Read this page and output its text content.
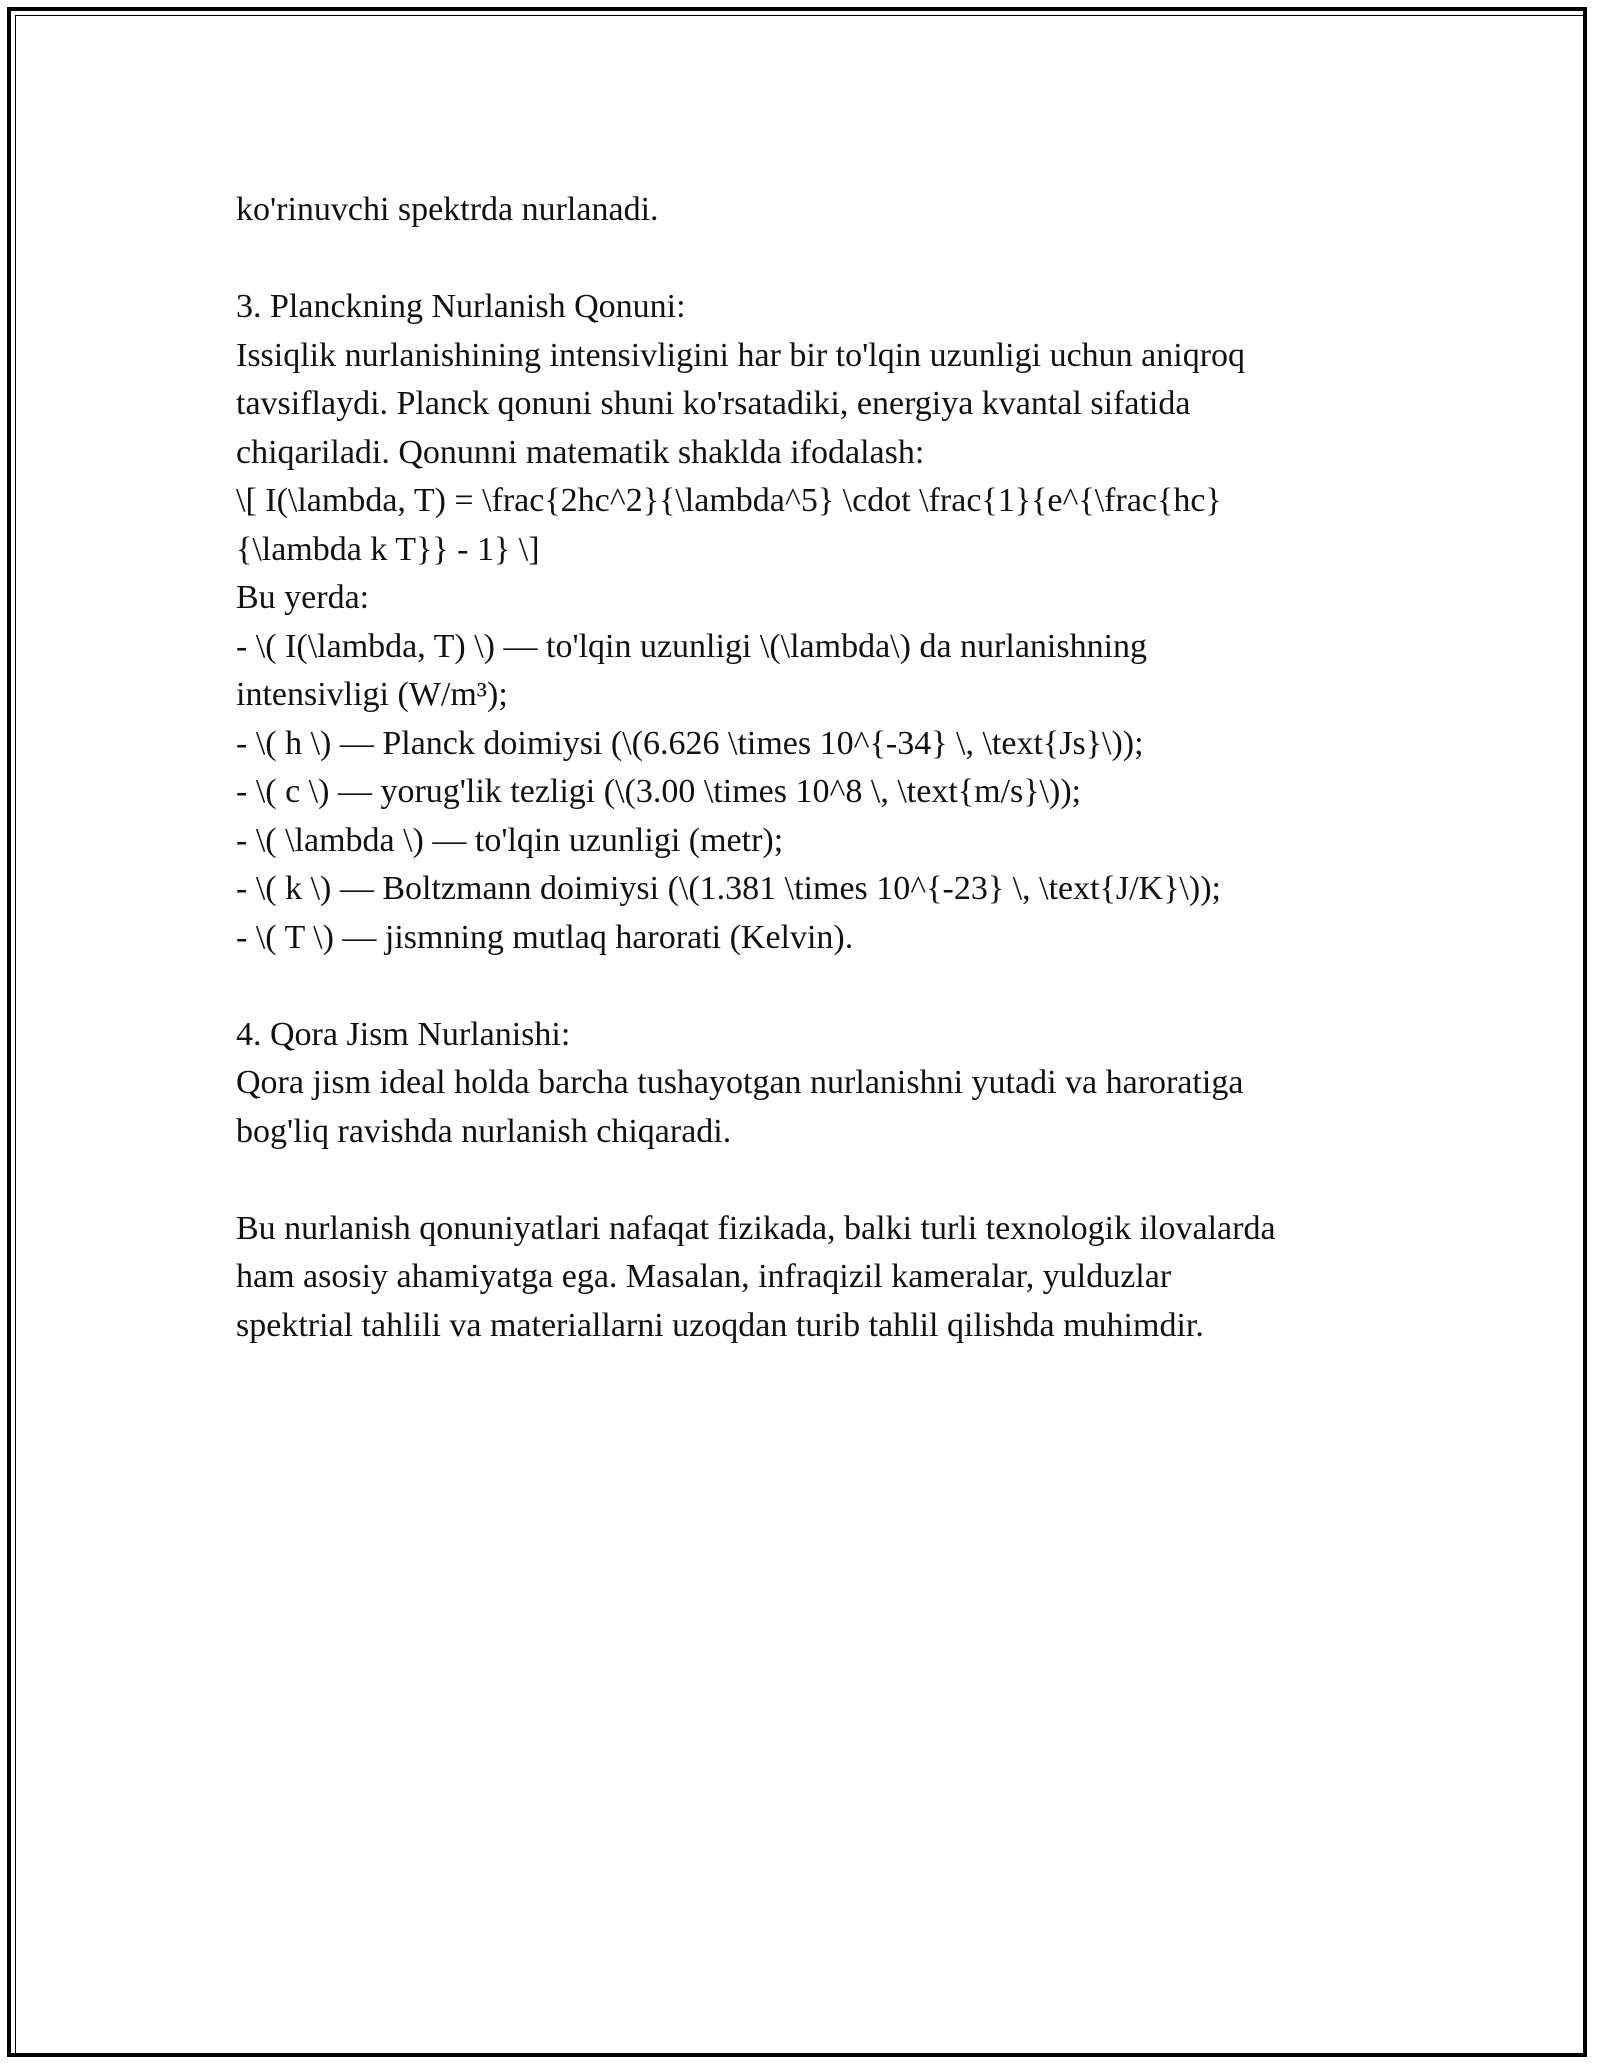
ko'rinuvchi spektrda nurlanadi.
3. Planckning Nurlanish Qonuni:
Issiqlik nurlanishining intensivligini har bir to'lqin uzunligi uchun aniqroq
tavsiflaydi. Planck qonuni shuni ko'rsatadiki, energiya kvantal sifatida
chiqariladi. Qonunni matematik shaklda ifodalash:
\[ I(\lambda, T) = \frac{2hc^2}{\lambda^5} \cdot \frac{1}{e^{\frac{hc}
{\lambda k T}} - 1} \]
Bu yerda:
- \( I(\lambda, T) \) — to'lqin uzunligi \(\lambda\) da nurlanishning
intensivligi (W/m³);
- \( h \) — Planck doimiysi (\(6.626 \times 10^{-34} \, \text{Js}\));
- \( c \) — yorug'lik tezligi (\(3.00 \times 10^8 \, \text{m/s}\));
- \( \lambda \) — to'lqin uzunligi (metr);
- \( k \) — Boltzmann doimiysi (\(1.381 \times 10^{-23} \, \text{J/K}\));
- \( T \) — jismning mutlaq harorati (Kelvin).
4. Qora Jism Nurlanishi:
Qora jism ideal holda barcha tushayotgan nurlanishni yutadi va haroratiga
bog'liq ravishda nurlanish chiqaradi.
Bu nurlanish qonuniyatlari nafaqat fizikada, balki turli texnologik ilovalarda
ham asosiy ahamiyatga ega. Masalan, infraqizil kameralar, yulduzlar
spektrial tahlili va materiallarni uzoqdan turib tahlil qilishda muhimdir.
